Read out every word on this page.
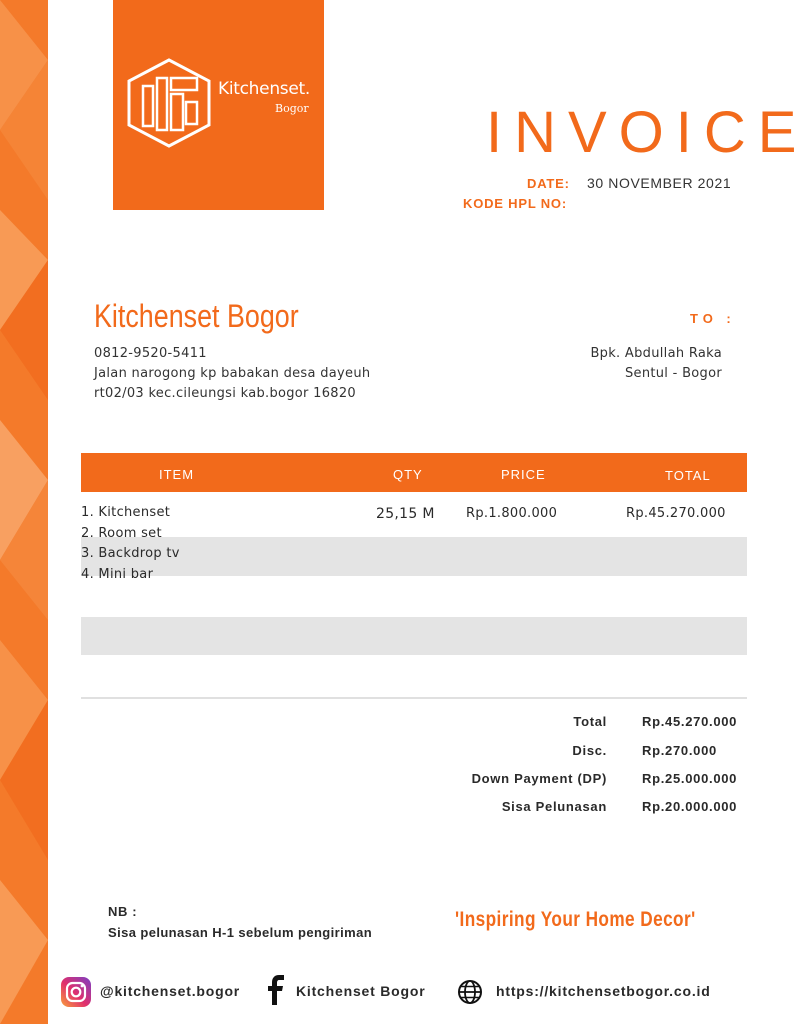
Kitchenset.
Bogor	INVOICE
DATE: 30 NOVEMBER 2021
KODE HPL NO:
Kitchenset Bogor
0812-9520-5411
Jalan narogong kp babakan desa dayeuh
rt02/03 kec.cileungsi kab.bogor 16820
TO :
Bpk. Abdullah Raka
Sentul - Bogor
ITEM	QTY	PRICE	TOTAL
1. Kitchenset
2. Room set
3. Backdrop tv
4. Mini bar
25,15 M Rp.1.800.000	Rp.45.270.000
Total	Rp.45.270.000
Disc.	Rp.270.000
Down Payment (DP)	Rp.25.000.000
Sisa Pelunasan	Rp.20.000.000
NB :
Sisa pelunasan H-1 sebelum pengiriman
'Inspiring Your Home Decor'
@kitchenset.bogor	Kitchenset Bogor	https://kitchensetbogor.co.id
